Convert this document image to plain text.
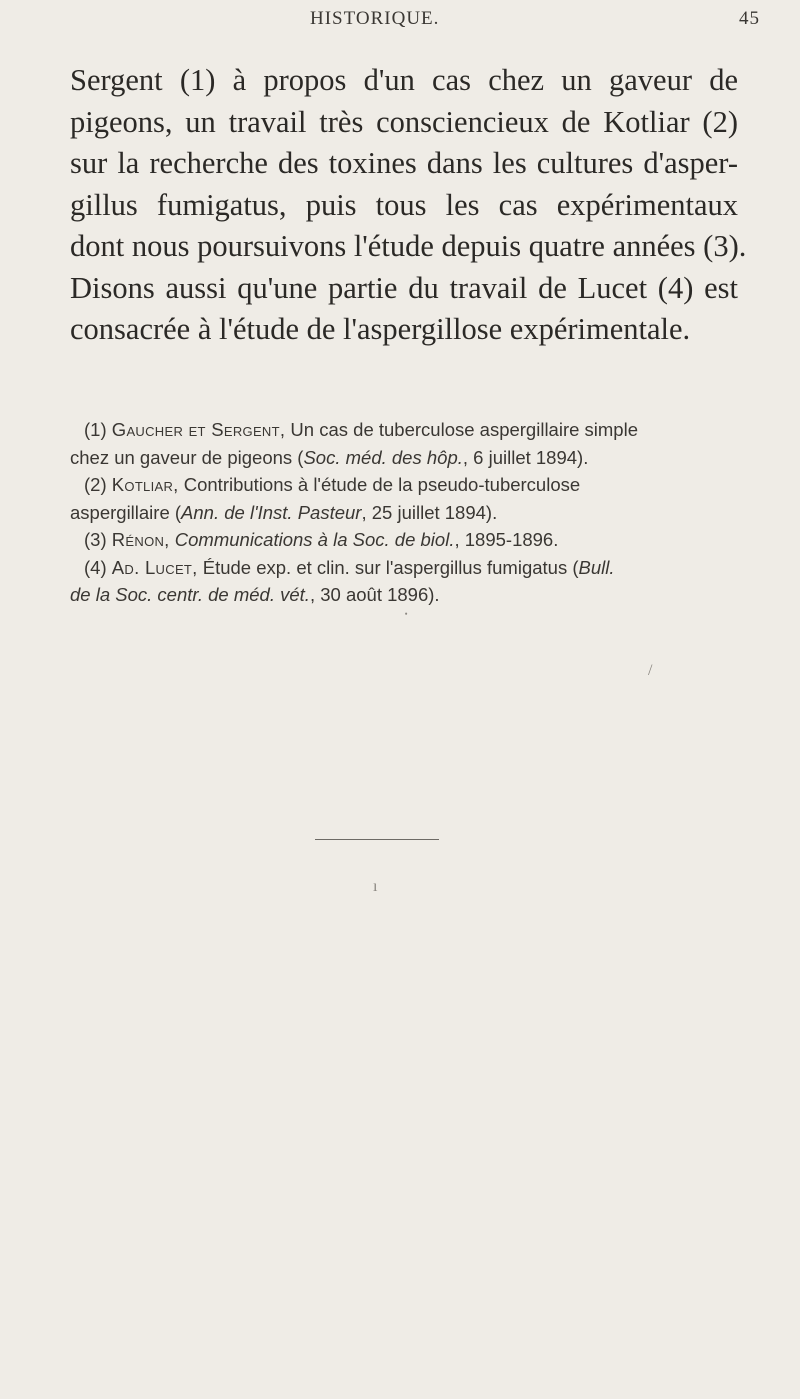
HISTORIQUE.	45
Sergent (1) à propos d'un cas chez un gaveur de
pigeons, un travail très consciencieux de Kotliar (2)
sur la recherche des toxines dans les cultures d'asper-
gillus fumigatus, puis tous les cas expérimentaux
dont nous poursuivons l'étude depuis quatre années (3).
Disons aussi qu'une partie du travail de Lucet (4) est
consacrée à l'étude de l'aspergillose expérimentale.
(1) Gaucher et Sergent, Un cas de tuberculose aspergillaire simple
chez un gaveur de pigeons (Soc. méd. des hôp., 6 juillet 1894).
(2) Kotliar, Contributions à l'étude de la pseudo-tuberculose
aspergillaire (Ann. de l'Inst. Pasteur, 25 juillet 1894).
(3) Rénon, Communications à la Soc. de biol., 1895-1896.
(4) Ad. Lucet, Étude exp. et clin. sur l'aspergillus fumigatus (Bull.
de la Soc. centr. de méd. vét., 30 août 1896).
⸳
/
ı
